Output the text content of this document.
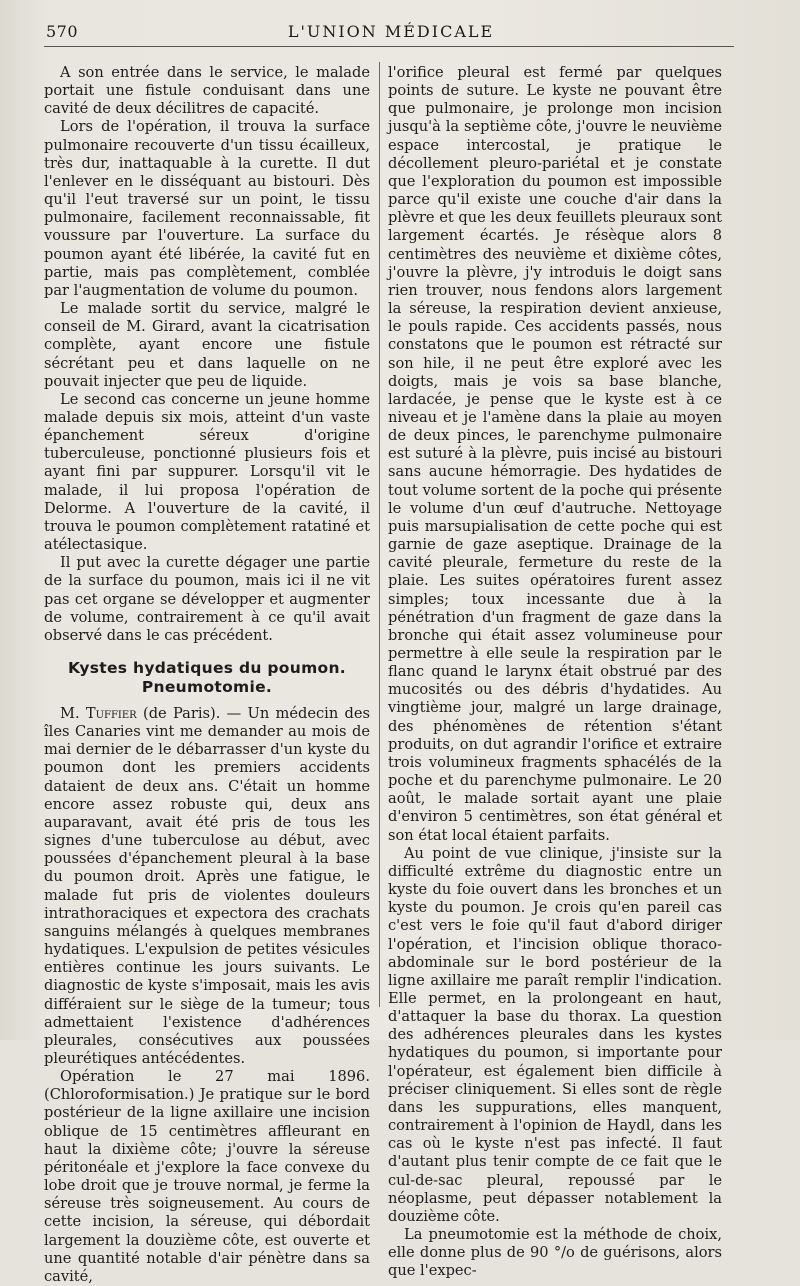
570	L'UNION MÉDICALE

A son entrée dans le service, le malade portait une fistule conduisant dans une cavité de deux décilitres de capacité.

Lors de l'opération, il trouva la surface pulmonaire recouverte d'un tissu écailleux, très dur, inattaquable à la curette. Il dut l'enlever en le disséquant au bistouri. Dès qu'il l'eut traversé sur un point, le tissu pulmonaire, facilement reconnaissable, fit voussure par l'ouverture. La surface du poumon ayant été libérée, la cavité fut en partie, mais pas complètement, comblée par l'augmentation de volume du poumon.

Le malade sortit du service, malgré le conseil de M. Girard, avant la cicatrisation complète, ayant encore une fistule sécrétant peu et dans laquelle on ne pouvait injecter que peu de liquide.

Le second cas concerne un jeune homme malade depuis six mois, atteint d'un vaste épanchement séreux d'origine tuberculeuse, ponctionné plusieurs fois et ayant fini par suppurer. Lorsqu'il vit le malade, il lui proposa l'opération de Delorme. A l'ouverture de la cavité, il trouva le poumon complètement ratatiné et atélectasique.

Il put avec la curette dégager une partie de la surface du poumon, mais ici il ne vit pas cet organe se développer et augmenter de volume, contrairement à ce qu'il avait observé dans le cas précédent.

Kystes hydatiques du poumon.
Pneumotomie.

M. Tuffier (de Paris). — Un médecin des îles Canaries vint me demander au mois de mai dernier de le débarrasser d'un kyste du poumon dont les premiers accidents dataient de deux ans. C'était un homme encore assez robuste qui, deux ans auparavant, avait été pris de tous les signes d'une tuberculose au début, avec poussées d'épanchement pleural à la base du poumon droit. Après une fatigue, le malade fut pris de violentes douleurs intrathoraciques et expectora des crachats sanguins mélangés à quelques membranes hydatiques. L'expulsion de petites vésicules entières continue les jours suivants. Le diagnostic de kyste s'imposait, mais les avis différaient sur le siège de la tumeur; tous admettaient l'existence d'adhérences pleurales, consécutives aux poussées pleurétiques antécédentes.

Opération le 27 mai 1896. (Chloroformisation.) Je pratique sur le bord postérieur de la ligne axillaire une incision oblique de 15 centimètres affleurant en haut la dixième côte; j'ouvre la séreuse péritonéale et j'explore la face convexe du lobe droit que je trouve normal, je ferme la séreuse très soigneusement. Au cours de cette incision, la séreuse, qui débordait largement la douzième côte, est ouverte et une quantité notable d'air pénètre dans sa cavité,

l'orifice pleural est fermé par quelques points de suture. Le kyste ne pouvant être que pulmonaire, je prolonge mon incision jusqu'à la septième côte, j'ouvre le neuvième espace intercostal, je pratique le décollement pleuro-pariétal et je constate que l'exploration du poumon est impossible parce qu'il existe une couche d'air dans la plèvre et que les deux feuillets pleuraux sont largement écartés. Je résèque alors 8 centimètres des neuvième et dixième côtes, j'ouvre la plèvre, j'y introduis le doigt sans rien trouver, nous fendons alors largement la séreuse, la respiration devient anxieuse, le pouls rapide. Ces accidents passés, nous constatons que le poumon est rétracté sur son hile, il ne peut être exploré avec les doigts, mais je vois sa base blanche, lardacée, je pense que le kyste est à ce niveau et je l'amène dans la plaie au moyen de deux pinces, le parenchyme pulmonaire est suturé à la plèvre, puis incisé au bistouri sans aucune hémorragie. Des hydatides de tout volume sortent de la poche qui présente le volume d'un œuf d'autruche. Nettoyage puis marsupialisation de cette poche qui est garnie de gaze aseptique. Drainage de la cavité pleurale, fermeture du reste de la plaie. Les suites opératoires furent assez simples; toux incessante due à la pénétration d'un fragment de gaze dans la bronche qui était assez volumineuse pour permettre à elle seule la respiration par le flanc quand le larynx était obstrué par des mucosités ou des débris d'hydatides. Au vingtième jour, malgré un large drainage, des phénomènes de rétention s'étant produits, on dut agrandir l'orifice et extraire trois volumineux fragments sphacélés de la poche et du parenchyme pulmonaire. Le 20 août, le malade sortait ayant une plaie d'environ 5 centimètres, son état général et son état local étaient parfaits.

Au point de vue clinique, j'insiste sur la difficulté extrême du diagnostic entre un kyste du foie ouvert dans les bronches et un kyste du poumon. Je crois qu'en pareil cas c'est vers le foie qu'il faut d'abord diriger l'opération, et l'incision oblique thoraco-abdominale sur le bord postérieur de la ligne axillaire me paraît remplir l'indication. Elle permet, en la prolongeant en haut, d'attaquer la base du thorax. La question des adhérences pleurales dans les kystes hydatiques du poumon, si importante pour l'opérateur, est également bien difficile à préciser cliniquement. Si elles sont de règle dans les suppurations, elles manquent, contrairement à l'opinion de Haydl, dans les cas où le kyste n'est pas infecté. Il faut d'autant plus tenir compte de ce fait que le cul-de-sac pleural, repoussé par le néoplasme, peut dépasser notablement la douzième côte.

La pneumotomie est la méthode de choix, elle donne plus de 90 °/o de guérisons, alors que l'expec-
